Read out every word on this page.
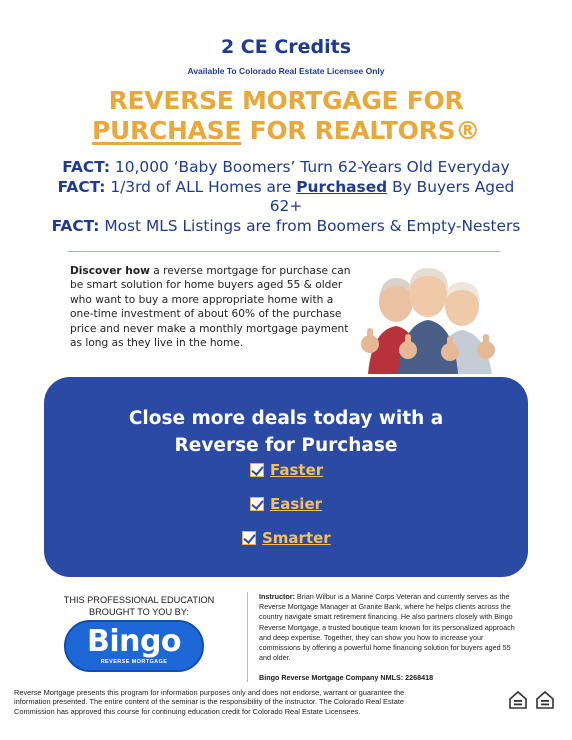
2 CE Credits
Available To Colorado Real Estate Licensee Only
REVERSE MORTGAGE FOR
PURCHASE FOR REALTORS®
FACT: 10,000 ‘Baby Boomers’ Turn 62-Years Old Everyday
FACT: 1/3rd of ALL Homes are Purchased By Buyers Aged 62+
FACT: Most MLS Listings are from Boomers & Empty-Nesters
Discover how a reverse mortgage for purchase can be smart solution for home buyers aged 55 & older who want to buy a more appropriate home with a one-time investment of about 60% of the purchase price and never make a monthly mortgage payment as long as they live in the home.
Close more deals today with a
Reverse for Purchase
Faster
Easier
Smarter
THIS PROFESSIONAL EDUCATION
BROUGHT TO YOU BY:
Bingo
REVERSE MORTGAGE
Instructor: Brian Wilbur is a Marine Corps Veteran and currently serves as the Reverse Mortgage Manager at Granite Bank, where he helps clients across the country navigate smart retirement financing. He also partners closely with Bingo Reverse Mortgage, a trusted boutique team known for its personalized approach and deep expertise. Together, they can show you how to increase your commissions by offering a powerful home financing solution for buyers aged 55 and older.
Bingo Reverse Mortgage Company NMLS: 2268418
Reverse Mortgage presents this program for information purposes only and does not endorse, warrant or guarantee the information presented. The entire content of the seminar is the responsibility of the instructor. The Colorado Real Estate Commission has approved this course for continuing education credit for Colorado Real Estate Licensees.
